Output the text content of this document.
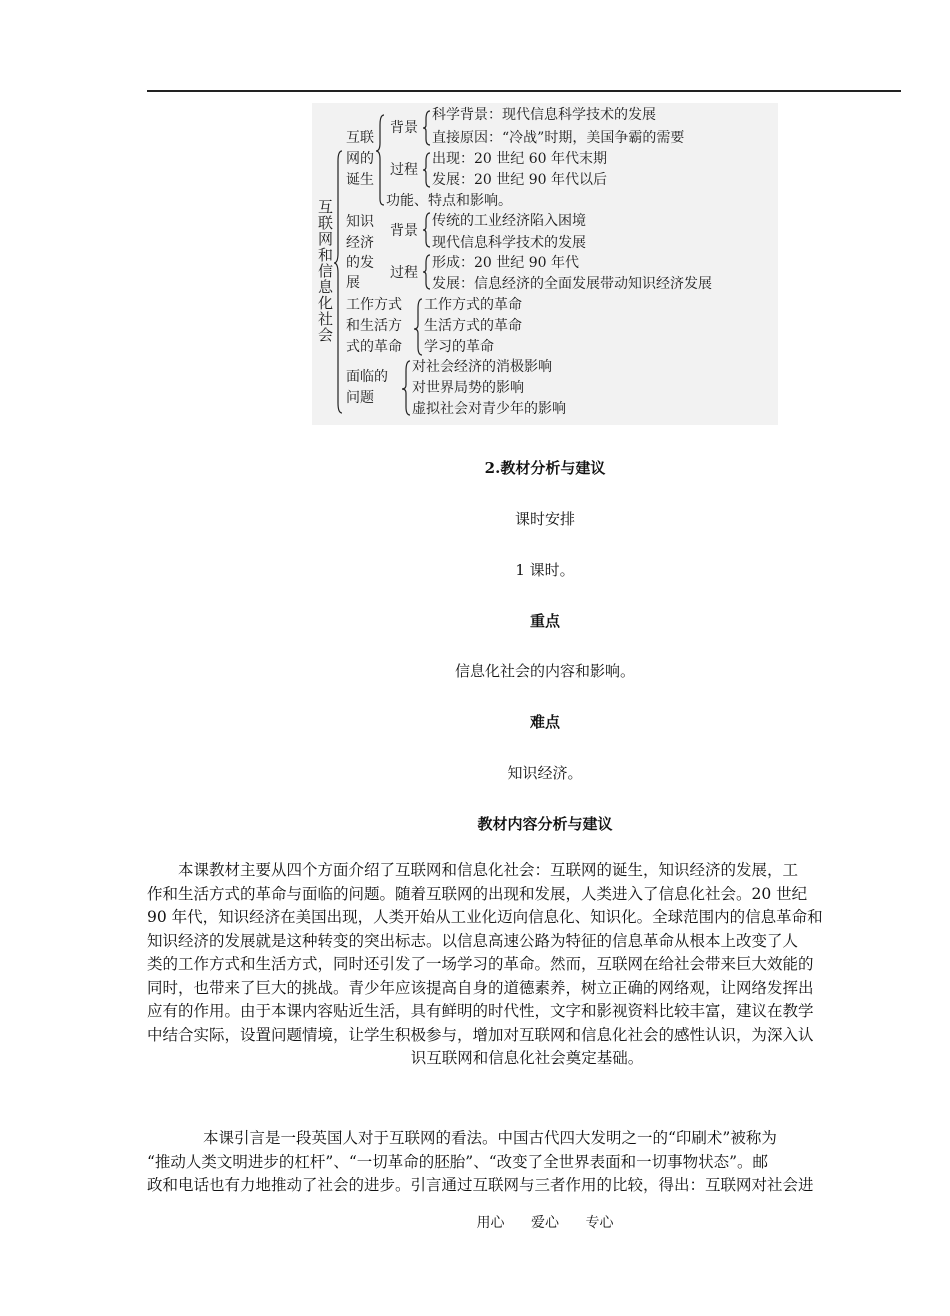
互联网和信息化社会
互联
网的
诞生
背景
科学背景：现代信息科学技术的发展
直接原因：“冷战”时期，美国争霸的需要
过程
出现：20 世纪 60 年代末期
发展：20 世纪 90 年代以后
功能、特点和影响。
知识
经济
的发
展
背景
传统的工业经济陷入困境
现代信息科学技术的发展
过程
形成：20 世纪 90 年代
发展：信息经济的全面发展带动知识经济发展
工作方式
和生活方
式的革命
工作方式的革命
生活方式的革命
学习的革命
面临的
问题
对社会经济的消极影响
对世界局势的影响
虚拟社会对青少年的影响
2.教材分析与建议
课时安排
1 课时。
重点
信息化社会的内容和影响。
难点
知识经济。
教材内容分析与建议
本课教材主要从四个方面介绍了互联网和信息化社会：互联网的诞生，知识经济的发展，工
作和生活方式的革命与面临的问题。随着互联网的出现和发展，人类进入了信息化社会。20 世纪
90 年代，知识经济在美国出现，人类开始从工业化迈向信息化、知识化。全球范围内的信息革命和
知识经济的发展就是这种转变的突出标志。以信息高速公路为特征的信息革命从根本上改变了人
类的工作方式和生活方式，同时还引发了一场学习的革命。然而，互联网在给社会带来巨大效能的
同时，也带来了巨大的挑战。青少年应该提高自身的道德素养，树立正确的网络观，让网络发挥出
应有的作用。由于本课内容贴近生活，具有鲜明的时代性，文字和影视资料比较丰富，建议在教学
中结合实际，设置问题情境，让学生积极参与，增加对互联网和信息化社会的感性认识，为深入认
识互联网和信息化社会奠定基础。
本课引言是一段英国人对于互联网的看法。中国古代四大发明之一的“印刷术”被称为
“推动人类文明进步的杠杆”、“一切革命的胚胎”、“改变了全世界表面和一切事物状态”。邮
政和电话也有力地推动了社会的进步。引言通过互联网与三者作用的比较，得出：互联网对社会进
用心　 爱心　 专心
